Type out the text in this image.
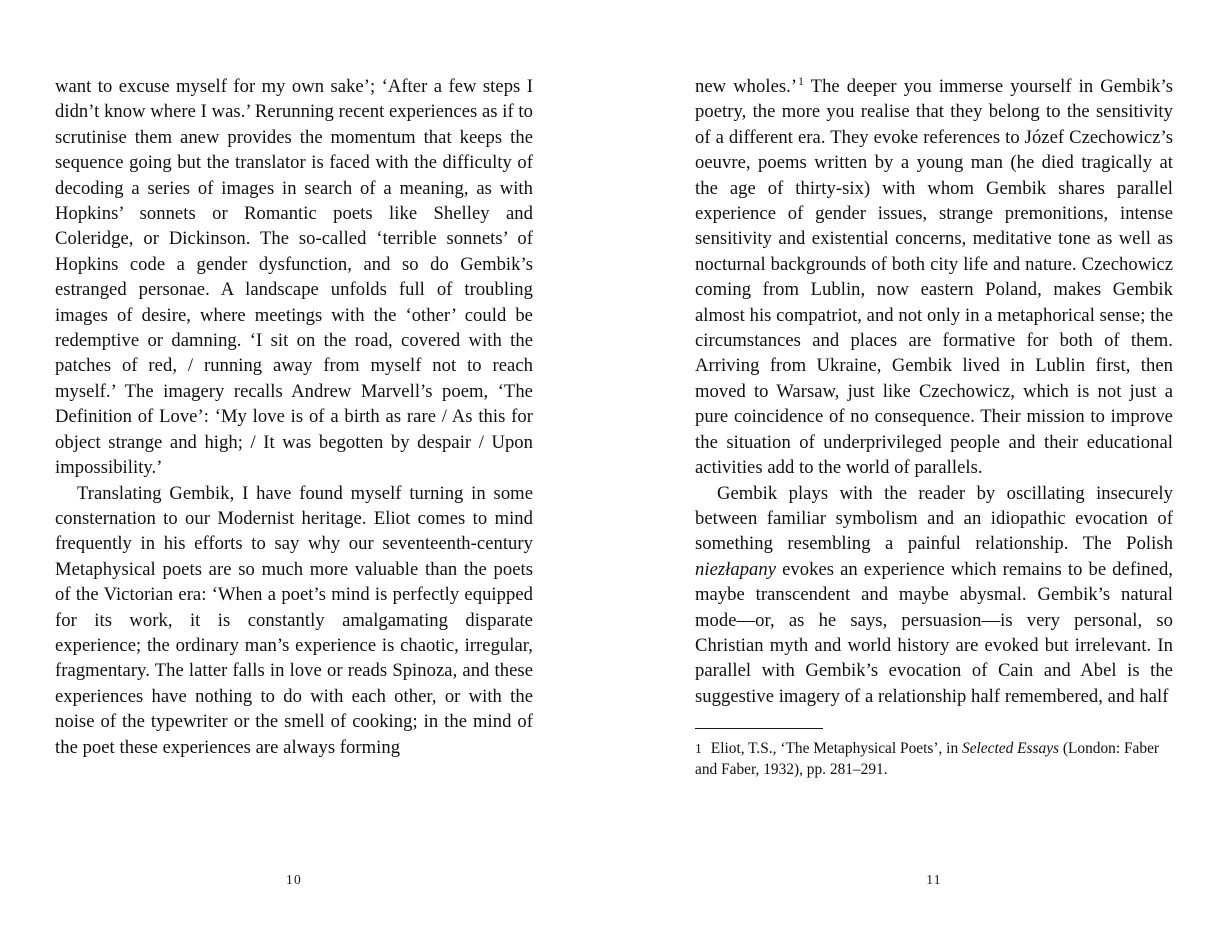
want to excuse myself for my own sake’; ‘After a few steps I didn’t know where I was.’ Rerunning recent experiences as if to scrutinise them anew provides the momentum that keeps the sequence going but the translator is faced with the difficulty of decoding a series of images in search of a meaning, as with Hopkins’ sonnets or Romantic poets like Shelley and Coleridge, or Dickinson. The so-called ‘terrible sonnets’ of Hopkins code a gender dysfunction, and so do Gembik’s estranged personae. A landscape unfolds full of troubling images of desire, where meetings with the ‘other’ could be redemptive or damning. ‘I sit on the road, covered with the patches of red, / running away from myself not to reach myself.’ The imagery recalls Andrew Marvell’s poem, ‘The Definition of Love’: ‘My love is of a birth as rare / As this for object strange and high; / It was begotten by despair / Upon impossibility.’

Translating Gembik, I have found myself turning in some consternation to our Modernist heritage. Eliot comes to mind frequently in his efforts to say why our seventeenth-century Metaphysical poets are so much more valuable than the poets of the Victorian era: ‘When a poet’s mind is perfectly equipped for its work, it is constantly amalgamating disparate experience; the ordinary man’s experience is chaotic, irregular, fragmentary. The latter falls in love or reads Spinoza, and these experiences have nothing to do with each other, or with the noise of the typewriter or the smell of cooking; in the mind of the poet these experiences are always forming

10

new wholes.’$^1$ The deeper you immerse yourself in Gembik’s poetry, the more you realise that they belong to the sensitivity of a different era. They evoke references to Józef Czechowicz’s oeuvre, poems written by a young man (he died tragically at the age of thirty-six) with whom Gembik shares parallel experience of gender issues, strange premonitions, intense sensitivity and existential concerns, meditative tone as well as nocturnal backgrounds of both city life and nature. Czechowicz coming from Lublin, now eastern Poland, makes Gembik almost his compatriot, and not only in a metaphorical sense; the circumstances and places are formative for both of them. Arriving from Ukraine, Gembik lived in Lublin first, then moved to Warsaw, just like Czechowicz, which is not just a pure coincidence of no consequence. Their mission to improve the situation of underprivileged people and their educational activities add to the world of parallels.

Gembik plays with the reader by oscillating insecurely between familiar symbolism and an idiopathic evocation of something resembling a painful relationship. The Polish niezłapany evokes an experience which remains to be defined, maybe transcendent and maybe abysmal. Gembik’s natural mode—or, as he says, persuasion—is very personal, so Christian myth and world history are evoked but irrelevant. In parallel with Gembik’s evocation of Cain and Abel is the suggestive imagery of a relationship half remembered, and half

1 Eliot, T.S., ‘The Metaphysical Poets’, in Selected Essays (London: Faber and Faber, 1932), pp. 281–291.

11
